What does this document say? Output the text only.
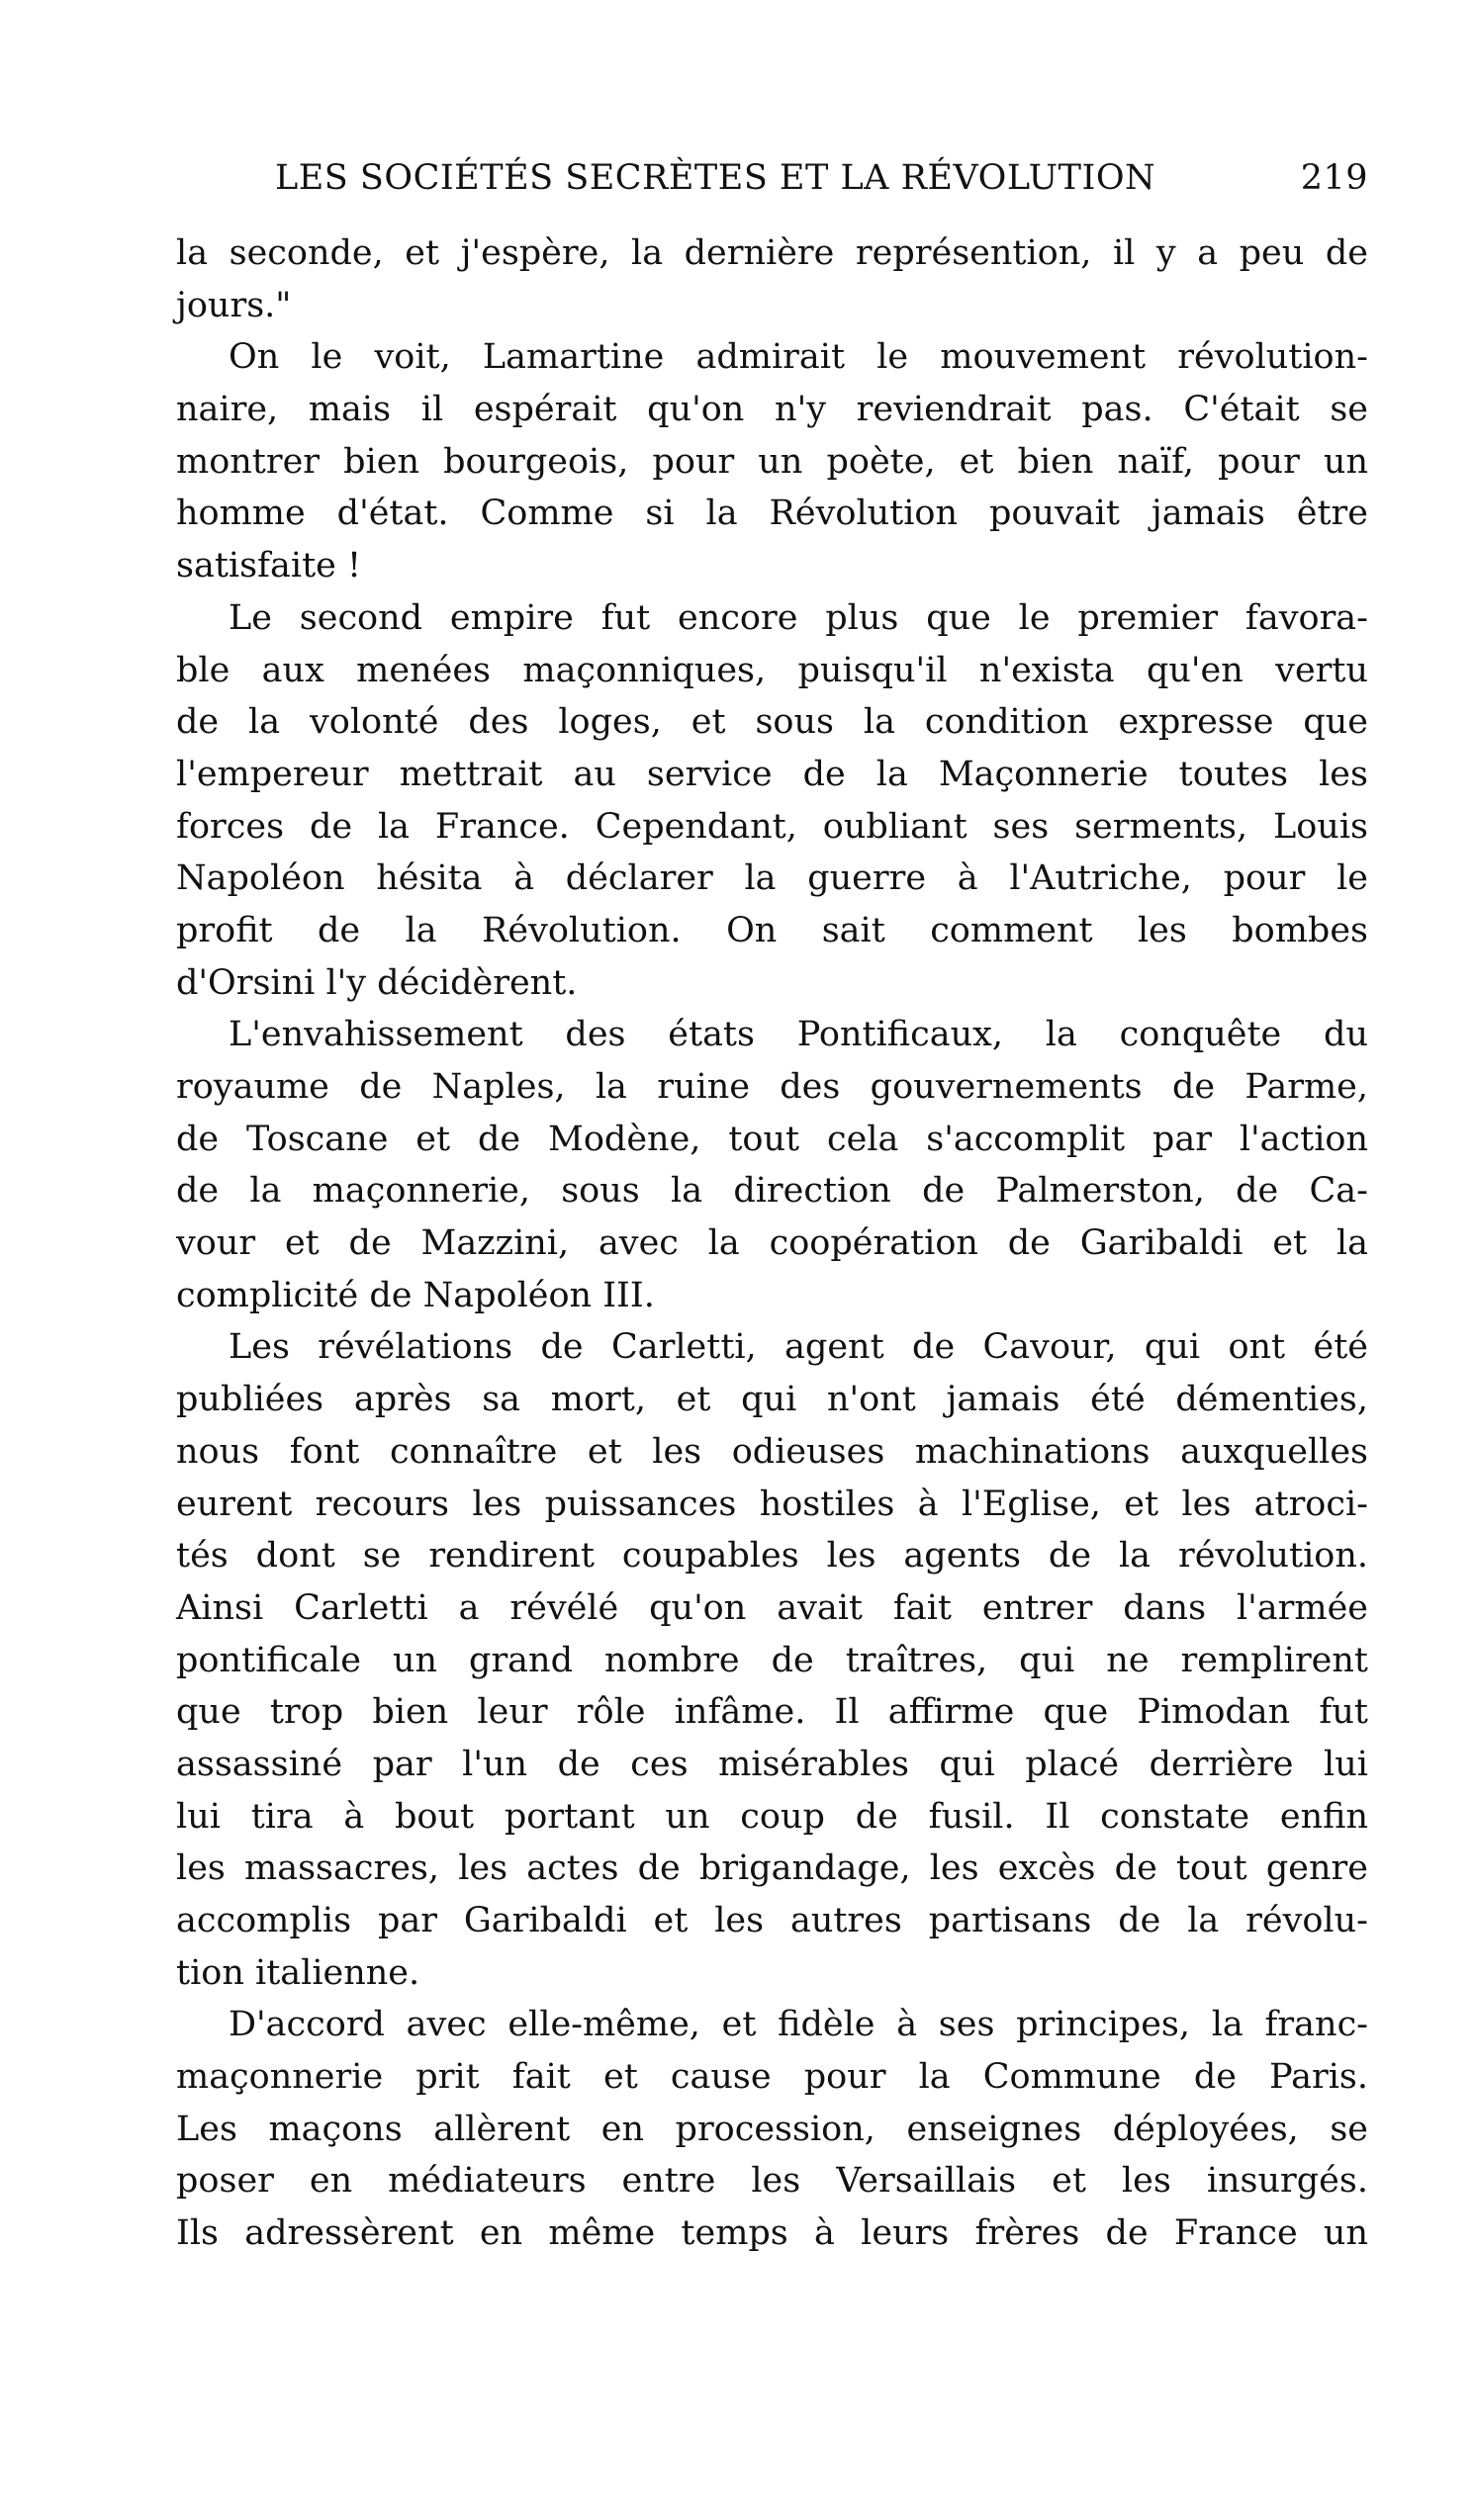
LES SOCIÉTÉS SECRÈTES ET LA RÉVOLUTION	219
la seconde, et j'espère, la dernière représention, il y a peu de
jours."
On le voit, Lamartine admirait le mouvement révolution-
naire, mais il espérait qu'on n'y reviendrait pas. C'était se
montrer bien bourgeois, pour un poète, et bien naïf, pour un
homme d'état. Comme si la Révolution pouvait jamais être
satisfaite !
Le second empire fut encore plus que le premier favora-
ble aux menées maçonniques, puisqu'il n'exista qu'en vertu
de la volonté des loges, et sous la condition expresse que
l'empereur mettrait au service de la Maçonnerie toutes les
forces de la France. Cependant, oubliant ses serments, Louis
Napoléon hésita à déclarer la guerre à l'Autriche, pour le
profit de la Révolution. On sait comment les bombes
d'Orsini l'y décidèrent.
L'envahissement des états Pontificaux, la conquête du
royaume de Naples, la ruine des gouvernements de Parme,
de Toscane et de Modène, tout cela s'accomplit par l'action
de la maçonnerie, sous la direction de Palmerston, de Ca-
vour et de Mazzini, avec la coopération de Garibaldi et la
complicité de Napoléon III.
Les révélations de Carletti, agent de Cavour, qui ont été
publiées après sa mort, et qui n'ont jamais été démenties,
nous font connaître et les odieuses machinations auxquelles
eurent recours les puissances hostiles à l'Eglise, et les atroci-
tés dont se rendirent coupables les agents de la révolution.
Ainsi Carletti a révélé qu'on avait fait entrer dans l'armée
pontificale un grand nombre de traîtres, qui ne remplirent
que trop bien leur rôle infâme. Il affirme que Pimodan fut
assassiné par l'un de ces misérables qui placé derrière lui
lui tira à bout portant un coup de fusil. Il constate enfin
les massacres, les actes de brigandage, les excès de tout genre
accomplis par Garibaldi et les autres partisans de la révolu-
tion italienne.
D'accord avec elle-même, et fidèle à ses principes, la franc-
maçonnerie prit fait et cause pour la Commune de Paris.
Les maçons allèrent en procession, enseignes déployées, se
poser en médiateurs entre les Versaillais et les insurgés.
Ils adressèrent en même temps à leurs frères de France un
